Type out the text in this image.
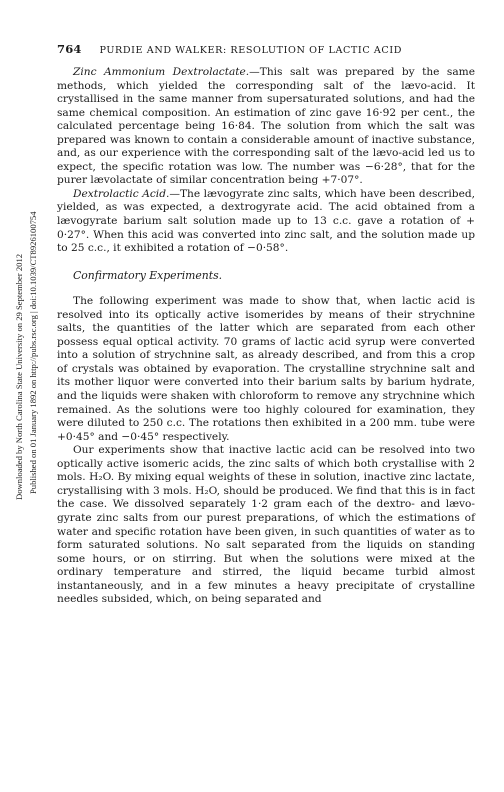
764 PURDIE AND WALKER: RESOLUTION OF LACTIC ACID
Downloaded by North Carolina State University on 29 September 2012 Published on 01 January 1892 on http://pubs.rsc.org | doi:10.1039/CT8926100754

Zinc Ammonium Dextrolactate.—This salt was prepared by the same methods, which yielded the corresponding salt of the lævo-acid. It crystallised in the same manner from supersaturated solutions, and had the same chemical composition. An estimation of zinc gave 16·92 per cent., the calculated percentage being 16·84. The solution from which the salt was prepared was known to contain a considerable amount of inactive substance, and, as our experience with the corresponding salt of the lævo-acid led us to expect, the specific rotation was low. The number was −6·28°, that for the purer lævolactate of similar concentration being +7·07°.

Dextrolactic Acid.—The lævogyrate zinc salts, which have been described, yielded, as was expected, a dextrogyrate acid. The acid obtained from a lævogyrate barium salt solution made up to 13 c.c. gave a rotation of + 0·27°. When this acid was converted into zinc salt, and the solution made up to 25 c.c., it exhibited a rotation of −0·58°.

Confirmatory Experiments.

The following experiment was made to show that, when lactic acid is resolved into its optically active isomerides by means of their strychnine salts, the quantities of the latter which are separated from each other possess equal optical activity. 70 grams of lactic acid syrup were converted into a solution of strychnine salt, as already described, and from this a crop of crystals was obtained by evaporation. The crystalline strychnine salt and its mother liquor were converted into their barium salts by barium hydrate, and the liquids were shaken with chloroform to remove any strychnine which remained. As the solutions were too highly coloured for examination, they were diluted to 250 c.c. The rotations then exhibited in a 200 mm. tube were +0·45° and −0·45° respectively.

Our experiments show that inactive lactic acid can be resolved into two optically active isomeric acids, the zinc salts of which both crystallise with 2 mols. H₂O. By mixing equal weights of these in solution, inactive zinc lactate, crystallising with 3 mols. H₂O, should be produced. We find that this is in fact the case. We dissolved separately 1·2 gram each of the dextro- and lævo-gyrate zinc salts from our purest preparations, of which the estimations of water and specific rotation have been given, in such quantities of water as to form saturated solutions. No salt separated from the liquids on standing some hours, or on stirring. But when the solutions were mixed at the ordinary temperature and stirred, the liquid became turbid almost instantaneously, and in a few minutes a heavy precipitate of crystalline needles subsided, which, on being separated and
